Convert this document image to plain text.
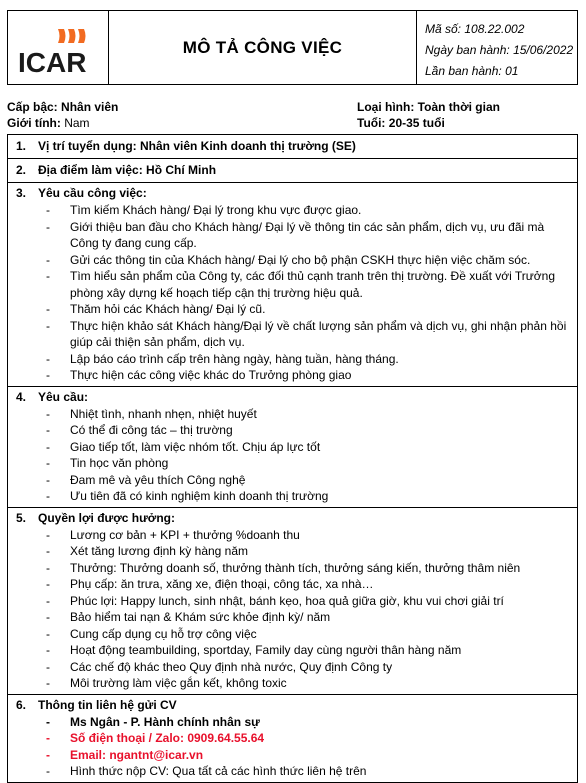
ICAR	MÔ TẢ CÔNG VIỆC
Mã số: 108.22.002
Ngày ban hành: 15/06/2022
Lần ban hành: 01
Cấp bậc: Nhân viên	Loại hình: Toàn thời gian
Giới tính: Nam	Tuổi: 20-35 tuổi
1. Vị trí tuyển dụng: Nhân viên Kinh doanh thị trường (SE)
2. Địa điểm làm việc: Hồ Chí Minh
3. Yêu cầu công việc:
- Tìm kiếm Khách hàng/ Đại lý trong khu vực được giao.
- Giới thiệu ban đầu cho Khách hàng/ Đại lý về thông tin các sản phẩm, dịch vụ, ưu đãi mà Công ty đang cung cấp.
- Gửi các thông tin của Khách hàng/ Đại lý cho bộ phận CSKH thực hiện việc chăm sóc.
- Tìm hiểu sản phẩm của Công ty, các đối thủ cạnh tranh trên thị trường. Đề xuất với Trưởng phòng xây dựng kế hoạch tiếp cận thị trường hiệu quả.
- Thăm hỏi các Khách hàng/ Đại lý cũ.
- Thực hiện khảo sát Khách hàng/Đại lý về chất lượng sản phẩm và dịch vụ, ghi nhận phản hồi giúp cải thiện sản phẩm, dịch vụ.
- Lập báo cáo trình cấp trên hàng ngày, hàng tuần, hàng tháng.
- Thực hiện các công việc khác do Trưởng phòng giao
4. Yêu cầu:
- Nhiệt tình, nhanh nhẹn, nhiệt huyết
- Có thể đi công tác – thị trường
- Giao tiếp tốt, làm việc nhóm tốt. Chịu áp lực tốt
- Tin học văn phòng
- Đam mê và yêu thích Công nghệ
- Ưu tiên đã có kinh nghiệm kinh doanh thị trường
5. Quyền lợi được hưởng:
- Lương cơ bản + KPI + thưởng %doanh thu
- Xét tăng lương định kỳ hàng năm
- Thưởng: Thưởng doanh số, thưởng thành tích, thưởng sáng kiến, thưởng thâm niên
- Phụ cấp: ăn trưa, xăng xe, điện thoại, công tác, xa nhà…
- Phúc lợi: Happy lunch, sinh nhật, bánh kẹo, hoa quả giữa giờ, khu vui chơi giải trí
- Bảo hiểm tai nạn & Khám sức khỏe định kỳ/ năm
- Cung cấp dụng cụ hỗ trợ công việc
- Hoạt động teambuilding, sportday, Family day cùng người thân hàng năm
- Các chế độ khác theo Quy định nhà nước, Quy định Công ty
- Môi trường làm việc gắn kết, không toxic
6. Thông tin liên hệ gửi CV
- Ms Ngân - P. Hành chính nhân sự
- Số điện thoại / Zalo: 0909.64.55.64
- Email: ngantnt@icar.vn
- Hình thức nộp CV: Qua tất cả các hình thức liên hệ trên
